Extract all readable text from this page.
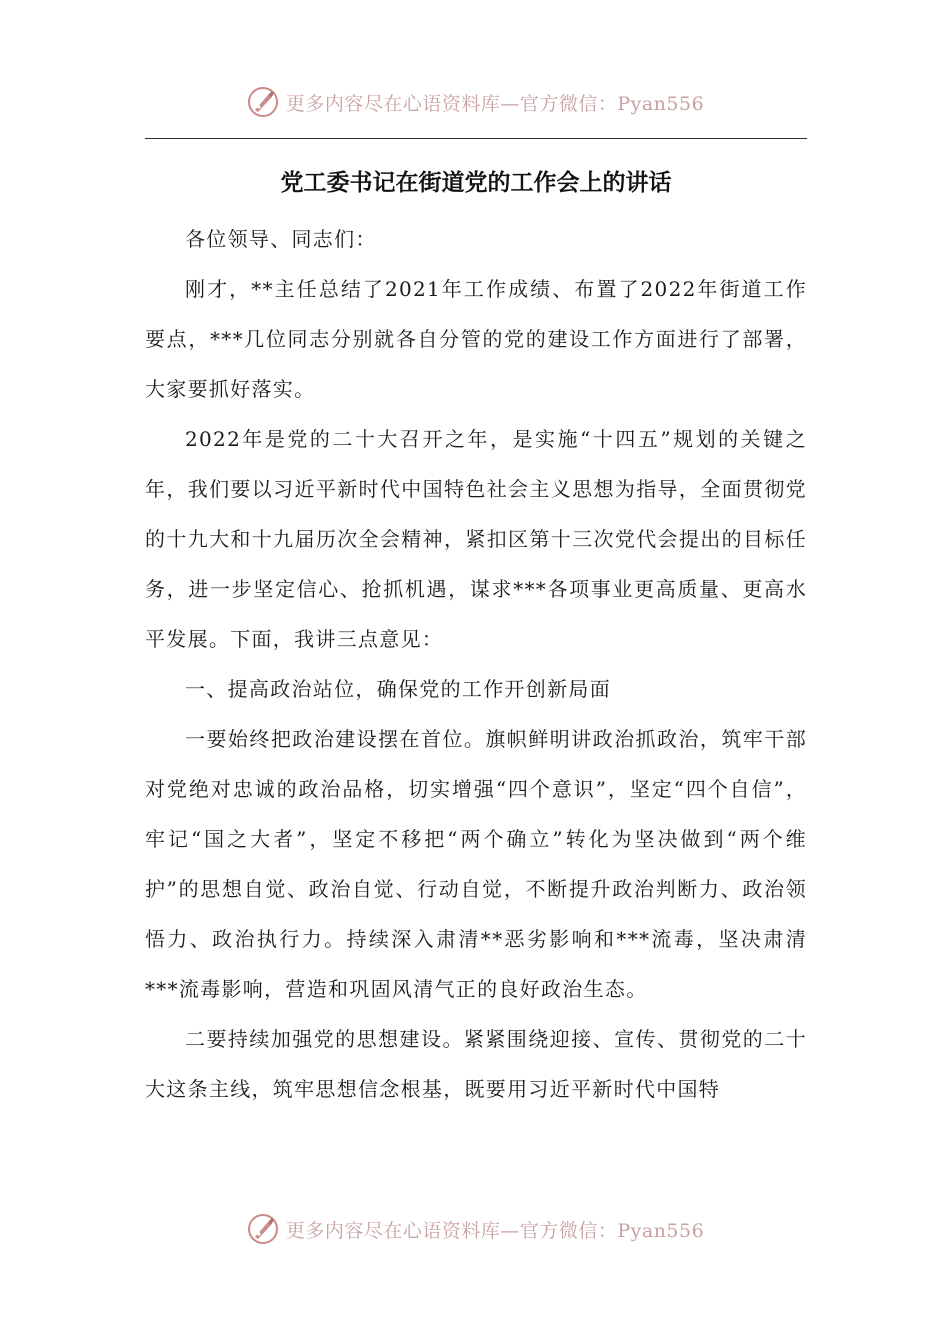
更多内容尽在心语资料库—官方微信：Pyan556
党工委书记在街道党的工作会上的讲话

各位领导、同志们：

刚才，**主任总结了2021年工作成绩、布置了2022年街道工作要点，***几位同志分别就各自分管的党的建设工作方面进行了部署，大家要抓好落实。

2022年是党的二十大召开之年，是实施“十四五”规划的关键之年，我们要以习近平新时代中国特色社会主义思想为指导，全面贯彻党的十九大和十九届历次全会精神，紧扣区第十三次党代会提出的目标任务，进一步坚定信心、抢抓机遇，谋求***各项事业更高质量、更高水平发展。下面，我讲三点意见：

一、提高政治站位，确保党的工作开创新局面

一要始终把政治建设摆在首位。旗帜鲜明讲政治抓政治，筑牢干部对党绝对忠诚的政治品格，切实增强“四个意识”，坚定“四个自信”，牢记“国之大者”，坚定不移把“两个确立”转化为坚决做到“两个维护”的思想自觉、政治自觉、行动自觉，不断提升政治判断力、政治领悟力、政治执行力。持续深入肃清**恶劣影响和***流毒，坚决肃清***流毒影响，营造和巩固风清气正的良好政治生态。

二要持续加强党的思想建设。紧紧围绕迎接、宣传、贯彻党的二十大这条主线，筑牢思想信念根基，既要用习近平新时代中国特

更多内容尽在心语资料库—官方微信：Pyan556
